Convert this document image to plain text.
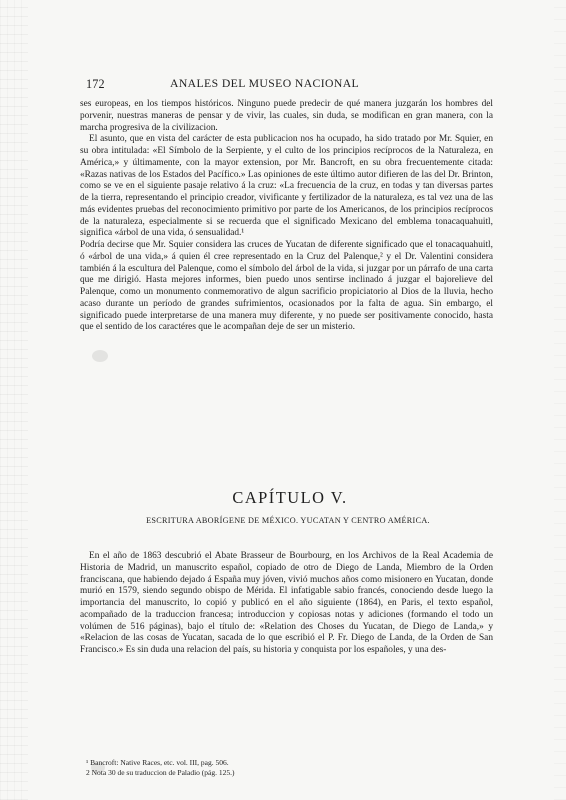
172	ANALES DEL MUSEO NACIONAL

ses europeas, en los tiempos históricos. Ninguno puede predecir de qué manera juzgarán los hombres del porvenir, nuestras maneras de pensar y de vivir, las cuales, sin duda, se modifican en gran manera, con la marcha progresiva de la civilizacion.

El asunto, que en vista del carácter de esta publicacion nos ha ocupado, ha sido tratado por Mr. Squier, en su obra intitulada: «El Símbolo de la Serpiente, y el culto de los principios recíprocos de la Naturaleza, en América,» y últimamente, con la mayor extension, por Mr. Bancroft, en su obra frecuentemente citada: «Razas nativas de los Estados del Pacífico.» Las opiniones de este último autor difieren de las del Dr. Brinton, como se ve en el siguiente pasaje relativo á la cruz: «La frecuencia de la cruz, en todas y tan diversas partes de la tierra, representando el principio creador, vivificante y fertilizador de la naturaleza, es tal vez una de las más evidentes pruebas del reconocimiento primitivo por parte de los Americanos, de los principios recíprocos de la naturaleza, especialmente si se recuerda que el significado Mexicano del emblema tonacaquahuitl, significa «árbol de una vida, ó sensualidad.¹

Podría decirse que Mr. Squier considera las cruces de Yucatan de diferente significado que el tonacaquahuitl, ó «árbol de una vida,» á quien él cree representado en la Cruz del Palenque,² y el Dr. Valentini considera también á la escultura del Palenque, como el símbolo del árbol de la vida, si juzgar por un párrafo de una carta que me dirigió. Hasta mejores informes, bien puedo unos sentirse inclinado á juzgar el bajorelieve del Palenque, como un monumento conmemorativo de algun sacrificio propiciatorio al Dios de la lluvia, hecho acaso durante un período de grandes sufrimientos, ocasionados por la falta de agua. Sin embargo, el significado puede interpretarse de una manera muy diferente, y no puede ser positivamente conocido, hasta que el sentido de los caractéres que le acompañan deje de ser un misterio.

CAPÍTULO V.
ESCRITURA ABORÍGENE DE MÉXICO. YUCATAN Y CENTRO AMÉRICA.

En el año de 1863 descubrió el Abate Brasseur de Bourbourg, en los Archivos de la Real Academia de Historia de Madrid, un manuscrito español, copiado de otro de Diego de Landa, Miembro de la Orden franciscana, que habiendo dejado á España muy jóven, vivió muchos años como misionero en Yucatan, donde murió en 1579, siendo segundo obispo de Mérida. El infatigable sabio francés, conociendo desde luego la importancia del manuscrito, lo copió y publicó en el año siguiente (1864), en Paris, el texto español, acompañado de la traduccion francesa; introduccion y copiosas notas y adiciones (formando el todo un volúmen de 516 páginas), bajo el título de: «Relation des Choses du Yucatan, de Diego de Landa,» y «Relacion de las cosas de Yucatan, sacada de lo que escribió el P. Fr. Diego de Landa, de la Orden de San Francisco.» Es sin duda una relacion del país, su historia y conquista por los españoles, y una des-

¹ Bancroft: Native Races, etc. vol. III, pag. 506.
2 Nota 30 de su traduccion de Paladio (pág. 125.)
